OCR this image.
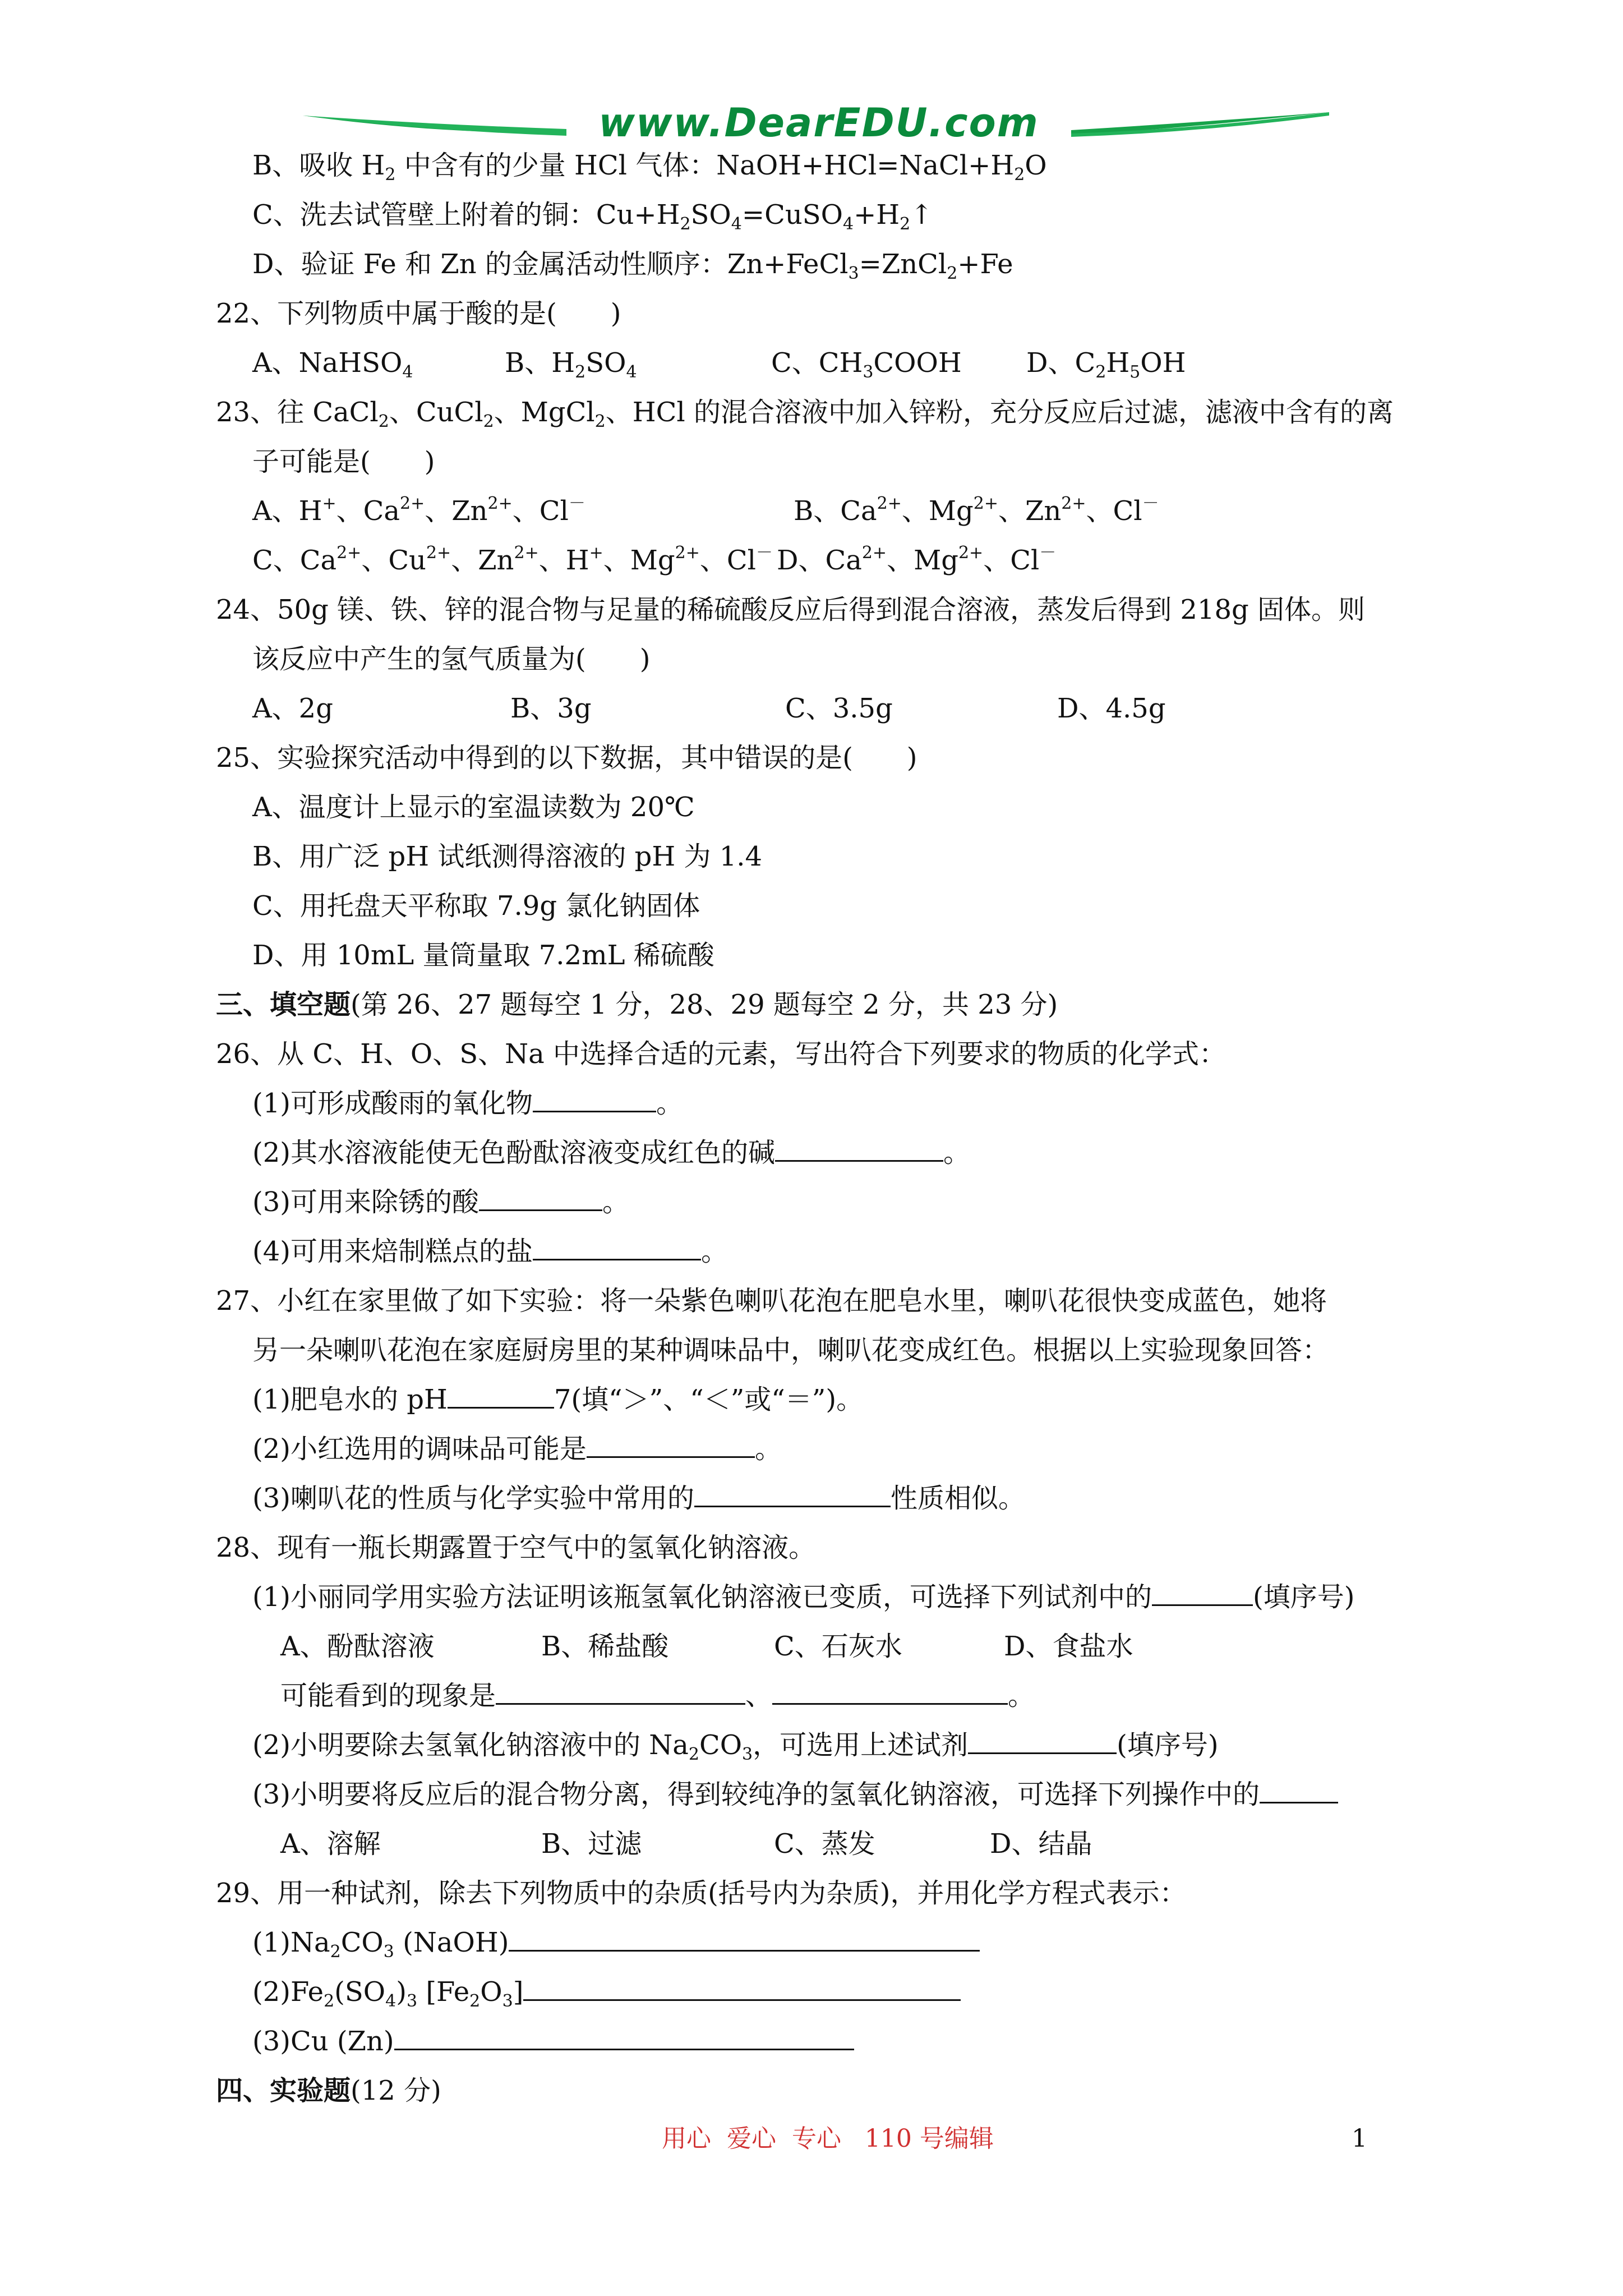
www.DearEDU.com
B、吸收 $H_2$ 中含有的少量 HCl 气体：$NaOH+HCl=NaCl+H_2O$
C、洗去试管壁上附着的铜：$Cu+H_2SO_4=CuSO_4+H_2↑$
D、验证 Fe 和 Zn 的金属活动性顺序：Zn+FeCl$_3$=ZnCl$_2$+Fe
22、下列物质中属于酸的是(　　)

A、NaHSO$_4$

	B、$H_2SO_4$

	C、$CH_3COOH$

D、$C_2H_5OH$

23、往 CaCl$_2$、CuCl$_2$、MgCl$_2$、HCl 的混合溶液中加入锌粉，充分反应后过滤，滤液中含有的离
子可能是(　　)

A、H+、$Ca^{2+}$、$Zn^{2+}$、Cl－

	B、$Ca^{2+}$、$Mg^{2+}$、$Zn^{2+}$、Cl－

C、$Ca^{2+}$、$Cu^{2+}$、$Zn^{2+}$、H+、$Mg^{2+}$、Cl－

D、$Ca^{2+}$、$Mg^{2+}$、Cl－

24、50g 镁、铁、锌的混合物与足量的稀硫酸反应后得到混合溶液，蒸发后得到 218g 固体。则
该反应中产生的氢气质量为(　　)

A、2g

	B、3g

	C、3.5g

	D、4.5g

25、实验探究活动中得到的以下数据，其中错误的是(　　)
A、温度计上显示的室温读数为 20℃
B、用广泛 pH 试纸测得溶液的 pH 为 1.4
C、用托盘天平称取 7.9g 氯化钠固体
D、用 10mL 量筒量取 7.2mL 稀硫酸
三、填空题(第 26、27 题每空 1 分，28、29 题每空 2 分，共 23 分)
26、从 C、H、O、S、Na 中选择合适的元素，写出符合下列要求的物质的化学式：
(1)可形成酸雨的氧化物	。
(2)其水溶液能使无色酚酞溶液变成红色的碱	。
(3)可用来除锈的酸	。
(4)可用来焙制糕点的盐	。
27、小红在家里做了如下实验：将一朵紫色喇叭花泡在肥皂水里，喇叭花很快变成蓝色，她将
另一朵喇叭花泡在家庭厨房里的某种调味品中，喇叭花变成红色。根据以上实验现象回答：
(1)肥皂水的 pH	7(填“＞”、“＜”或“＝”)。
(2)小红选用的调味品可能是	。
(3)喇叭花的性质与化学实验中常用的	性质相似。
28、现有一瓶长期露置于空气中的氢氧化钠溶液。
(1)小丽同学用实验方法证明该瓶氢氧化钠溶液已变质，可选择下列试剂中的	(填序号)

A、酚酞溶液

	B、稀盐酸

	C、石灰水

	D、食盐水

可能看到的现象是	、	。
(2)小明要除去氢氧化钠溶液中的 $Na_2CO_3$，可选用上述试剂	(填序号)
(3)小明要将反应后的混合物分离，得到较纯净的氢氧化钠溶液，可选择下列操作中的

A、溶解

	B、过滤

	C、蒸发

	D、结晶

29、用一种试剂，除去下列物质中的杂质(括号内为杂质)，并用化学方程式表示：
$(1)Na_2CO_3$ (NaOH)
$(2)Fe_2(SO_4)_3$ $[Fe_2O_3]$
(3)Cu (Zn)
四、实验题(12 分)
用心  爱心  专心   110 号编辑	1
